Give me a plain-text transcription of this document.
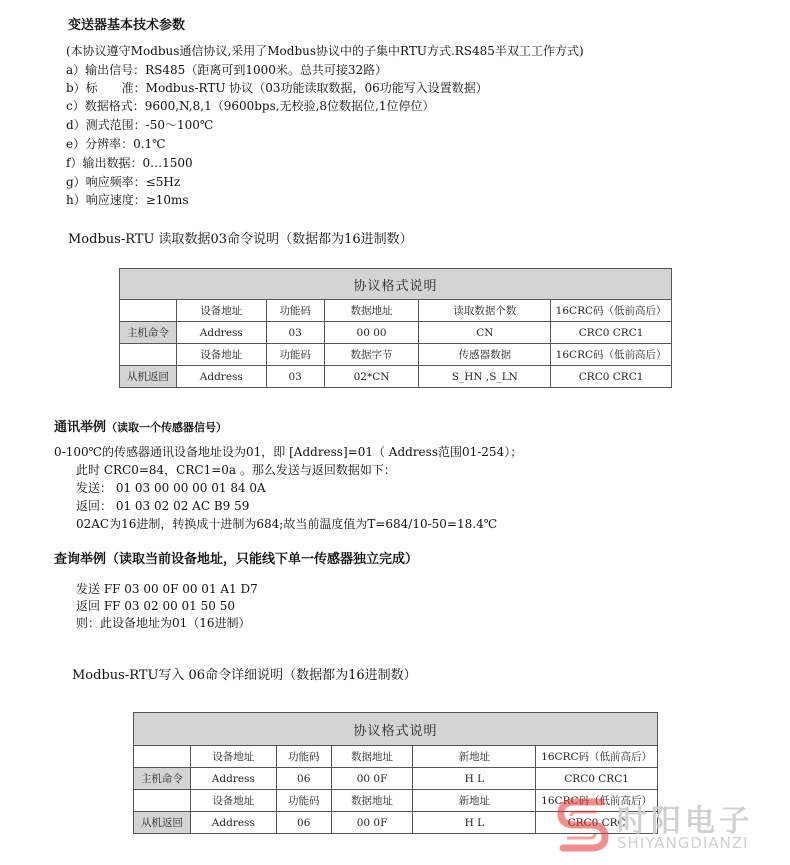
变送器基本技术参数
(本协议遵守Modbus通信协议,采用了Modbus协议中的子集中RTU方式.RS485半双工工作方式)
a）输出信号：RS485（距离可到1000米。总共可接32路）
b）标　　准：Modbus-RTU 协议（03功能读取数据，06功能写入设置数据）
c）数据格式：9600,N,8,1（9600bps,无校验,8位数据位,1位停位）
d）测式范围：-50～100℃
e）分辨率：0.1℃
f）输出数据：0…1500
g）响应频率：≤5Hz
h）响应速度：≥10ms
Modbus-RTU 读取数据03命令说明（数据都为16进制数）
协议格式说明					
	设备地址	功能码	数据地址	读取数据个数	16CRC码（低前高后）
主机命令	Address	03	00 00	CN	CRC0 CRC1
	设备地址	功能码	数据字节	传感器数据	16CRC码（低前高后）
从机返回	Address	03	02*CN	S_HN ,S_LN	CRC0 CRC1
通讯举例（读取一个传感器信号）
0-100℃的传感器通讯设备地址设为01，即 [Address]=01（ Address范围01-254）；
此时 CRC0=84，CRC1=0a 。那么发送与返回数据如下：
发送： 01 03 00 00 00 01 84 0A
返回： 01 03 02 02 AC B9 59
02AC为16进制，转换成十进制为684;故当前温度值为T=684/10-50=18.4℃
查询举例（读取当前设备地址，只能线下单一传感器独立完成）
发送 FF 03 00 0F 00 01 A1 D7
返回 FF 03 02 00 01 50 50
则：此设备地址为01（16进制）
Modbus-RTU写入 06命令详细说明（数据都为16进制数）
协议格式说明					
	设备地址	功能码	数据地址	新地址	16CRC码（低前高后）
主机命令	Address	06	00 0F	H L	CRC0 CRC1
	设备地址	功能码	数据地址	新地址	16CRC码（低前高后）
从机返回	Address	06	00 0F	H L	CRC0 CRC
时阳电子
SHIYANGDIANZI
